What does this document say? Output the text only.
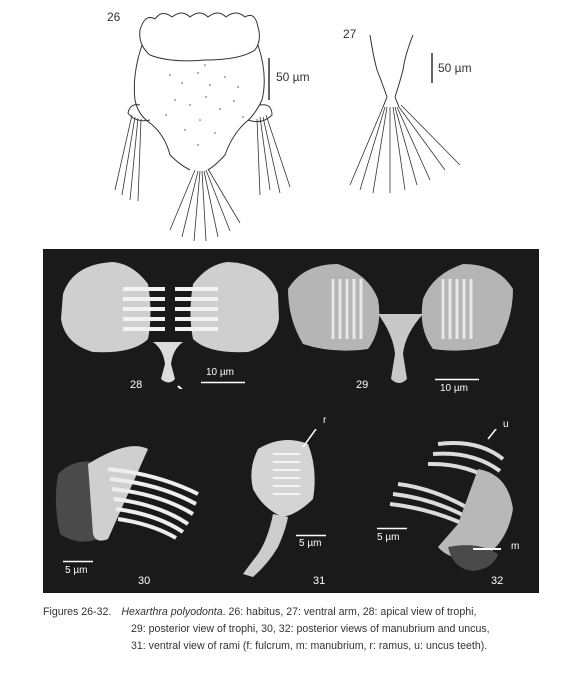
26
50 µm
27
50 µm
28
10 µm
29	10 µm
30
5 µm
r
31
5 µm
u
m
32
5 µm
Figures 26-32. Hexarthra polyodonta. 26: habitus, 27: ventral arm, 28: apical view of trophi,
29: posterior view of trophi, 30, 32: posterior views of manubrium and uncus,
31: ventral view of rami (f: fulcrum, m: manubrium, r: ramus, u: uncus teeth).
